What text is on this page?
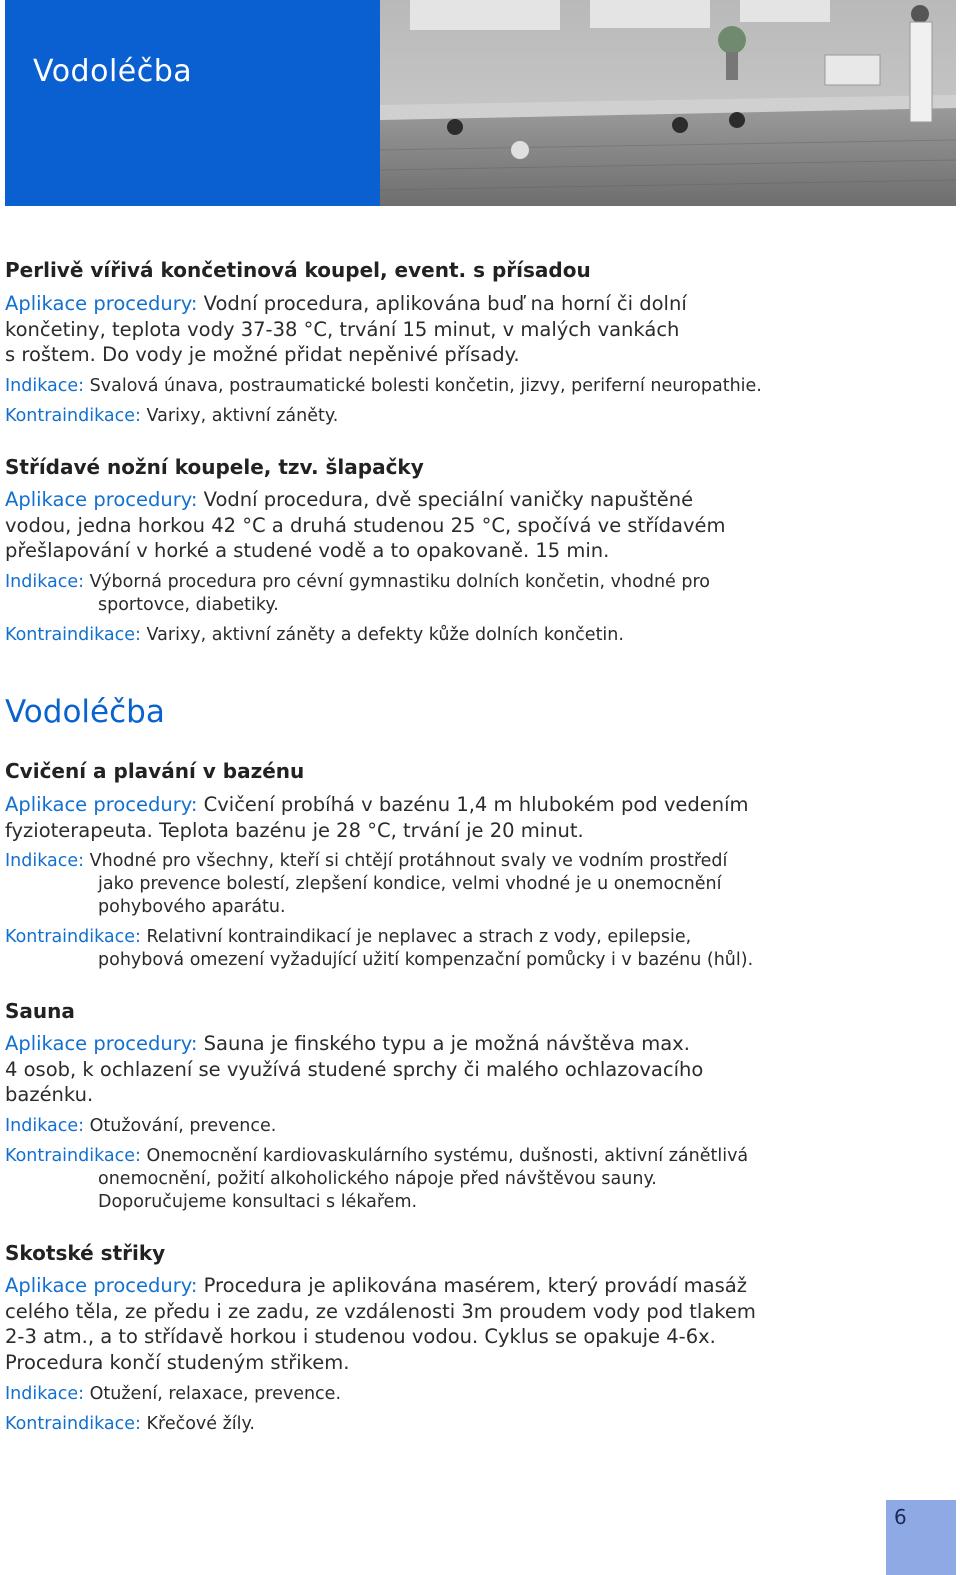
Vodoléčba
Perlivě vířivá končetinová koupel, event. s přísadou
Aplikace procedury: Vodní procedura, aplikována buď na horní či dolní
končetiny, teplota vody 37-38 °C, trvání 15 minut, v malých vankách
s roštem. Do vody je možné přidat nepěnivé přísady.
Indikace: Svalová únava, postraumatické bolesti končetin, jizvy, periferní neuropathie.
Kontraindikace: Varixy, aktivní záněty.
Střídavé nožní koupele, tzv. šlapačky
Aplikace procedury: Vodní procedura, dvě speciální vaničky napuštěné
vodou, jedna horkou 42 °C a druhá studenou 25 °C, spočívá ve střídavém
přešlapování v horké a studené vodě a to opakovaně. 15 min.
Indikace: Výborná procedura pro cévní gymnastiku dolních končetin, vhodné pro
sportovce, diabetiky.
Kontraindikace: Varixy, aktivní záněty a defekty kůže dolních končetin.
Vodoléčba
Cvičení a plavání v bazénu
Aplikace procedury: Cvičení probíhá v bazénu 1,4 m hlubokém pod vedením
fyzioterapeuta. Teplota bazénu je 28 °C, trvání je 20 minut.
Indikace: Vhodné pro všechny, kteří si chtějí protáhnout svaly ve vodním prostředí
jako prevence bolestí, zlepšení kondice, velmi vhodné je u onemocnění
pohybového aparátu.
Kontraindikace: Relativní kontraindikací je neplavec a strach z vody, epilepsie,
pohybová omezení vyžadující užití kompenzační pomůcky i v bazénu (hůl).
Sauna
Aplikace procedury: Sauna je finského typu a je možná návštěva max.
4 osob, k ochlazení se využívá studené sprchy či malého ochlazovacího
bazénku.
Indikace: Otužování, prevence.
Kontraindikace: Onemocnění kardiovaskulárního systému, dušnosti, aktivní zánětlivá
onemocnění, požití alkoholického nápoje před návštěvou sauny.
Doporučujeme konsultaci s lékařem.
Skotské střiky
Aplikace procedury: Procedura je aplikována masérem, který provádí masáž
celého těla, ze předu i ze zadu, ze vzdálenosti 3m proudem vody pod tlakem
2-3 atm., a to střídavě horkou i studenou vodou. Cyklus se opakuje 4-6x.
Procedura končí studeným střikem.
Indikace: Otužení, relaxace, prevence.
Kontraindikace: Křečové žíly.
6
